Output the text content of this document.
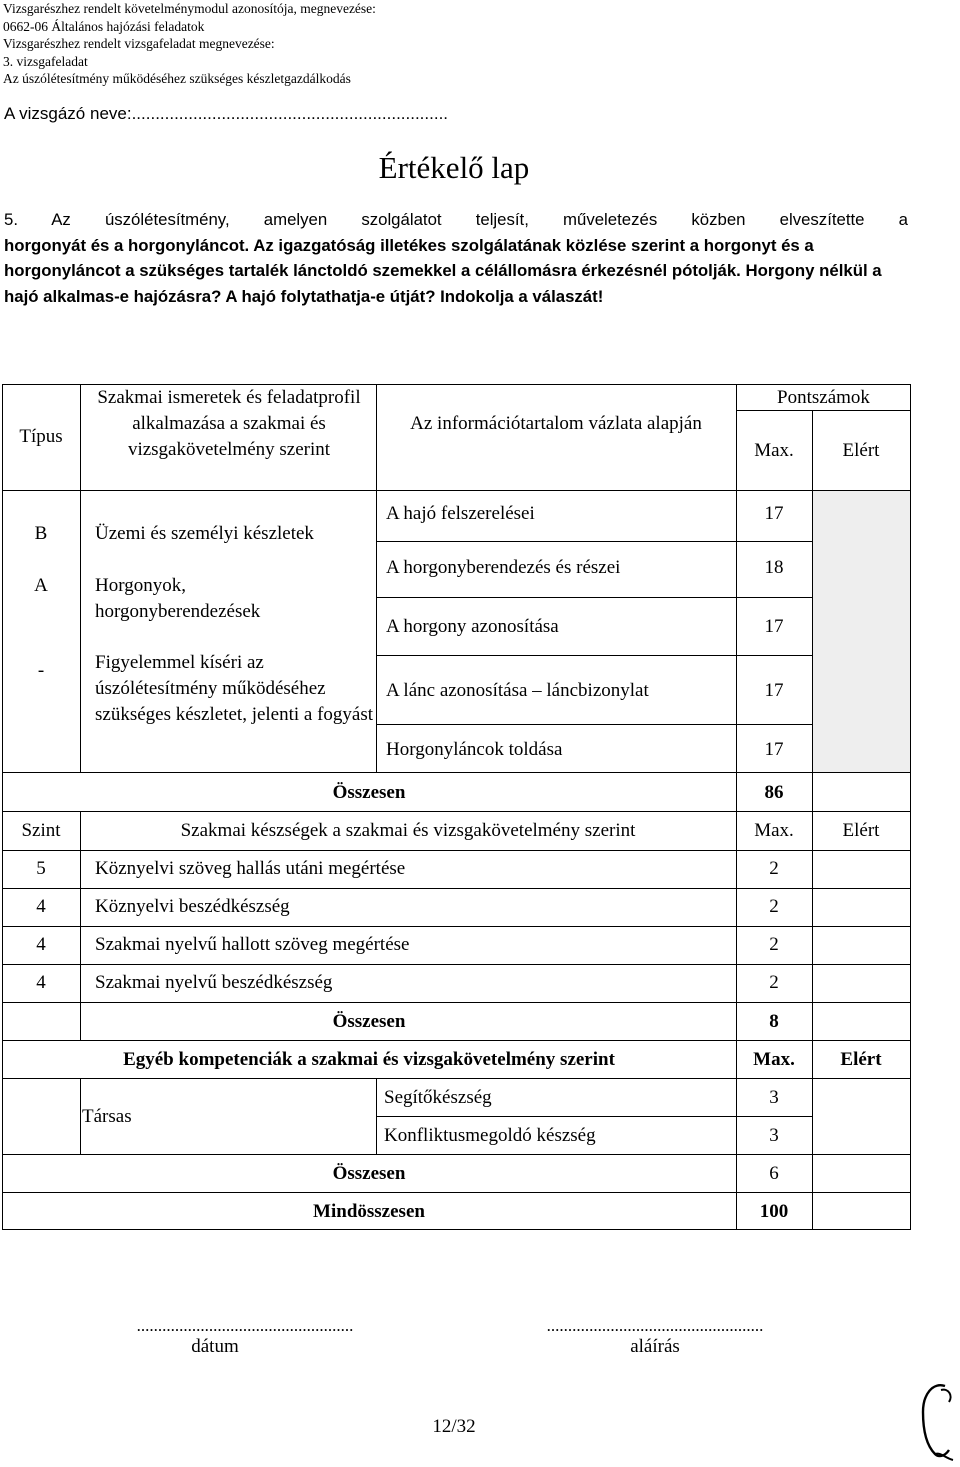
Vizsgarészhez rendelt követelménymodul azonosítója, megnevezése:
0662-06 Általános hajózási feladatok
Vizsgarészhez rendelt vizsgafeladat megnevezése:
3. vizsgafeladat
Az úszólétesítmény működéséhez szükséges készletgazdálkodás
A vizsgázó neve:...................................................................
Értékelő lap
5. Az úszólétesítmény, amelyen szolgálatot teljesít, műveletezés közben elveszítette a
horgonyát és a horgonyláncot. Az igazgatóság illetékes szolgálatának közlése szerint a horgonyt és a horgonyláncot a szükséges tartalék lánctoldó szemekkel a célállomásra érkezésnél pótolják. Horgony nélkül a hajó alkalmas-e hajózásra? A hajó folytathatja-e útját? Indokolja a válaszát!
Típus
Szakmai ismeretek és feladatprofil alkalmazása a szakmai és vizsgakövetelmény szerint
Az információtartalom vázlata alapján
Pontszámok
Max.	Elért
B
A
-
Üzemi és személyi készletek
Horgonyok, horgonyberendezések
Figyelemmel kíséri az úszólétesítmény működéséhez szükséges készletet, jelenti a fogyást
A hajó felszerelései	17
A horgonyberendezés és részei	18
A horgony azonosítása	17
A lánc azonosítása – láncbizonylat	17
Horgonyláncok toldása	17
Összesen	86
Szint	Szakmai készségek a szakmai és vizsgakövetelmény szerint	Max.	Elért
5	Köznyelvi szöveg hallás utáni megértése	2
4	Köznyelvi beszédkészség	2
4	Szakmai nyelvű hallott szöveg megértése	2
4	Szakmai nyelvű beszédkészség	2
Összesen	8
Egyéb kompetenciák a szakmai és vizsgakövetelmény szerint	Max.	Elért
Társas
Segítőkészség	3
Konfliktusmegoldó készség	3
Összesen	6
Mindösszesen	100
...................................................
dátum
...................................................
aláírás
12/32
